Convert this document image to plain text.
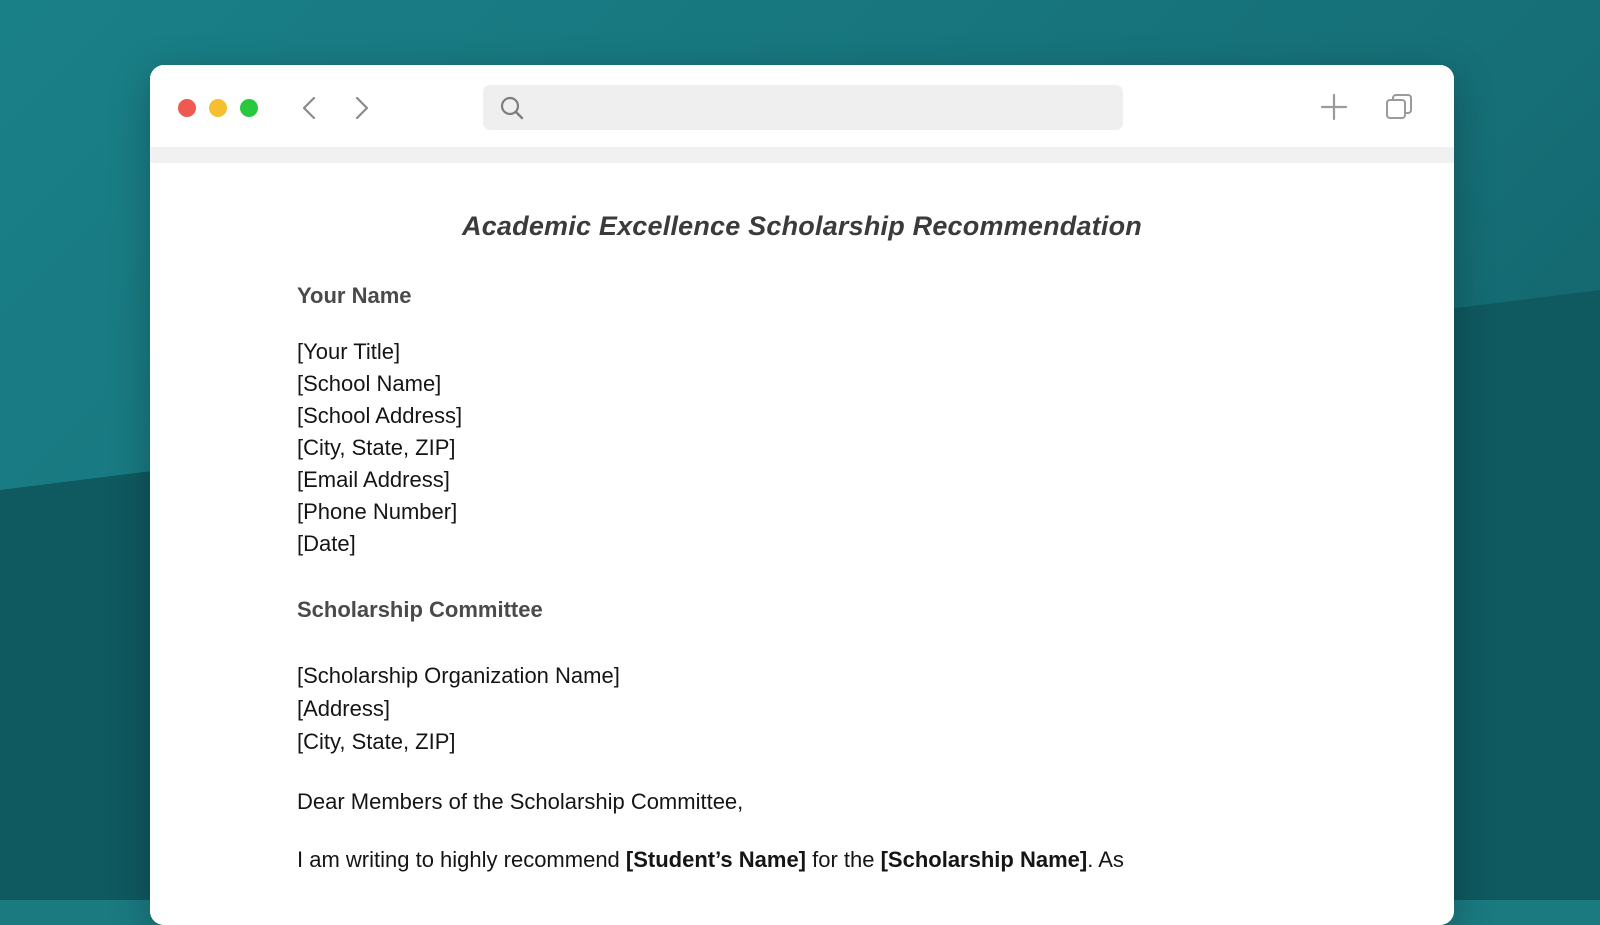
Academic Excellence Scholarship Recommendation
Your Name
[Your Title]
[School Name]
[School Address]
[City, State, ZIP]
[Email Address]
[Phone Number]
[Date]
Scholarship Committee
[Scholarship Organization Name]
[Address]
[City, State, ZIP]
Dear Members of the Scholarship Committee,
I am writing to highly recommend [Student’s Name] for the [Scholarship Name]. As
